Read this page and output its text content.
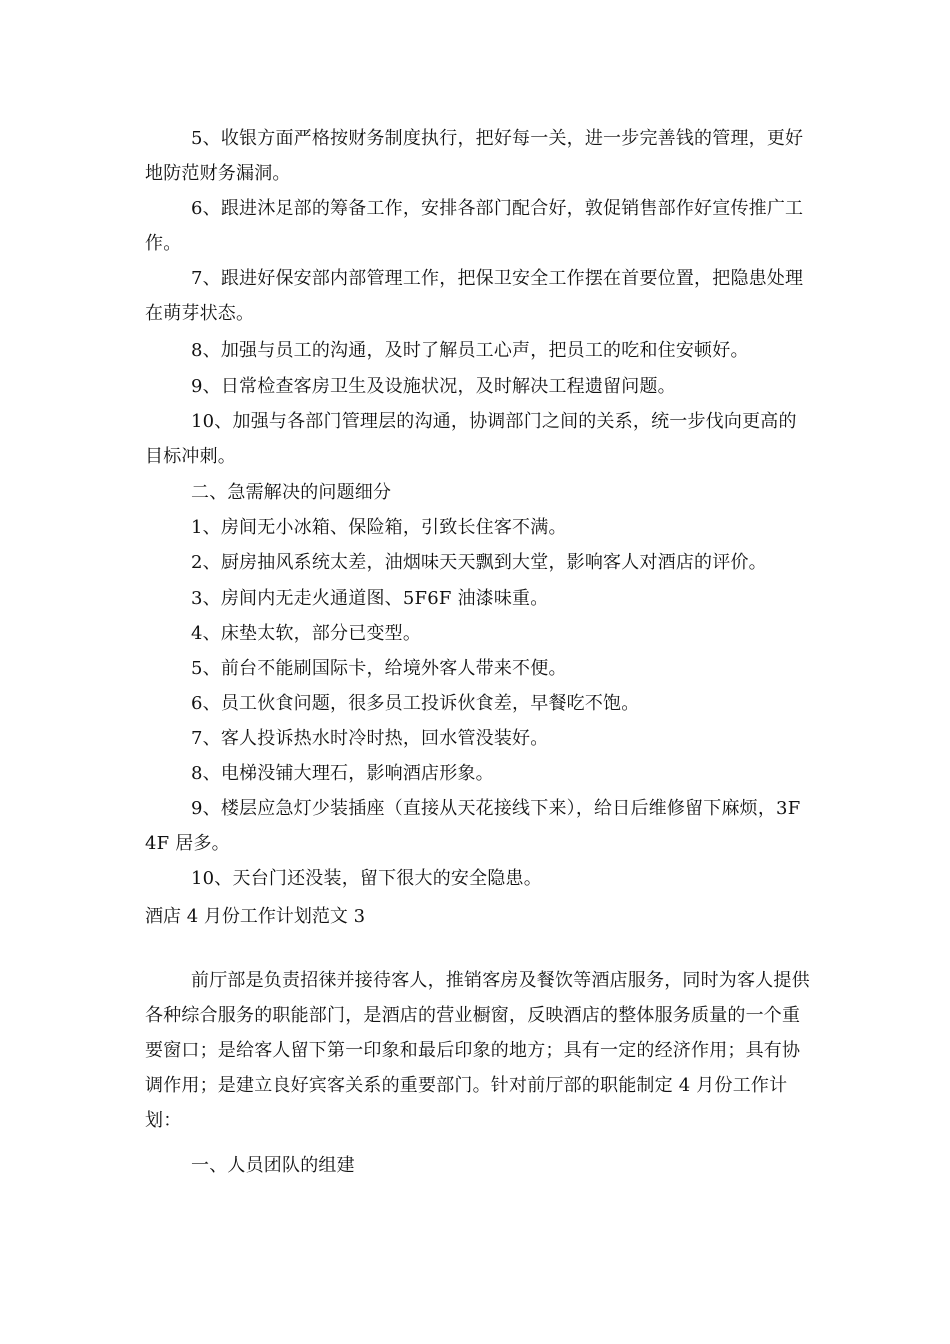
5、收银方面严格按财务制度执行，把好每一关，进一步完善钱的管理，更好地防范财务漏洞。

6、跟进沐足部的筹备工作，安排各部门配合好，敦促销售部作好宣传推广工作。

7、跟进好保安部内部管理工作，把保卫安全工作摆在首要位置，把隐患处理在萌芽状态。

8、加强与员工的沟通，及时了解员工心声，把员工的吃和住安顿好。

9、日常检查客房卫生及设施状况，及时解决工程遗留问题。

10、加强与各部门管理层的沟通，协调部门之间的关系，统一步伐向更高的目标冲刺。

二、急需解决的问题细分

1、房间无小冰箱、保险箱，引致长住客不满。

2、厨房抽风系统太差，油烟味天天飘到大堂，影响客人对酒店的评价。

3、房间内无走火通道图、5F6F 油漆味重。

4、床垫太软，部分已变型。

5、前台不能刷国际卡，给境外客人带来不便。

6、员工伙食问题，很多员工投诉伙食差，早餐吃不饱。

7、客人投诉热水时冷时热，回水管没装好。

8、电梯没铺大理石，影响酒店形象。

9、楼层应急灯少装插座（直接从天花接线下来），给日后维修留下麻烦，3F4F 居多。

10、天台门还没装，留下很大的安全隐患。

酒店 4 月份工作计划范文 3

前厅部是负责招徕并接待客人，推销客房及餐饮等酒店服务，同时为客人提供各种综合服务的职能部门，是酒店的营业橱窗，反映酒店的整体服务质量的一个重要窗口；是给客人留下第一印象和最后印象的地方；具有一定的经济作用；具有协调作用；是建立良好宾客关系的重要部门。针对前厅部的职能制定 4 月份工作计划：

一、人员团队的组建
